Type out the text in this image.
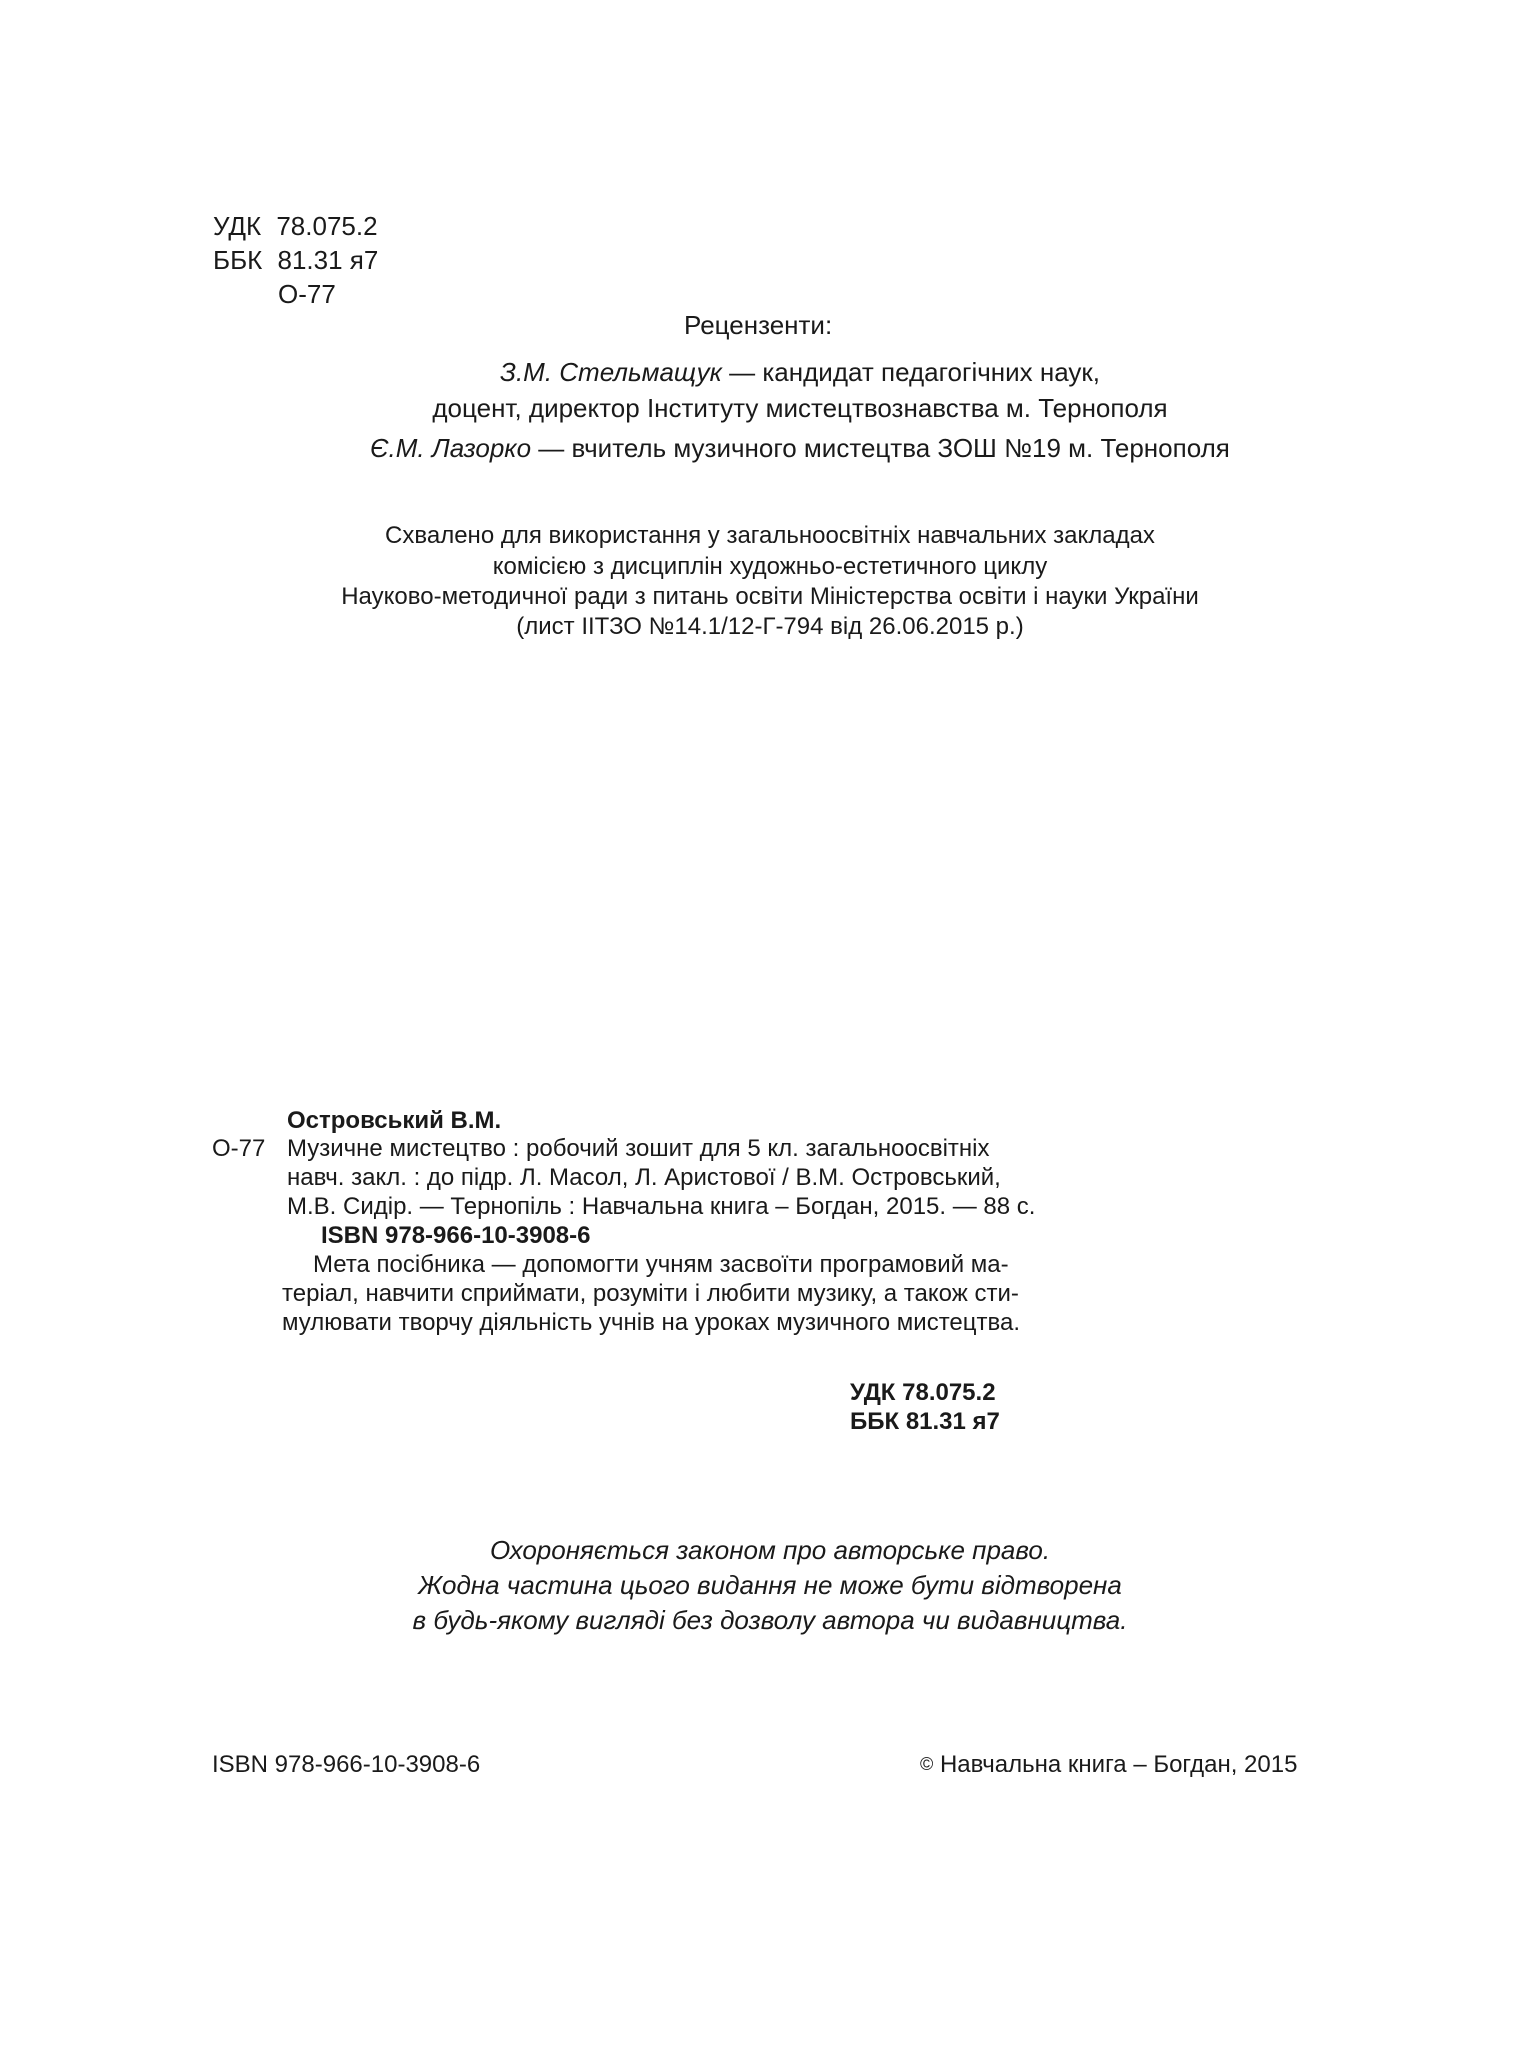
УДК 78.075.2
ББК 81.31 я7
О-77
Рецензенти:
З.М. Стельмащук — кандидат педагогічних наук,
доцент, директор Інституту мистецтвознавства м. Тернополя
Є.М. Лазорко — вчитель музичного мистецтва ЗОШ №19 м. Тернополя
Схвалено для використання у загальноосвітніх навчальних закладах
комісією з дисциплін художньо-естетичного циклу
Науково-методичної ради з питань освіти Міністерства освіти і науки України
(лист ІІТЗО №14.1/12-Г-794 від 26.06.2015 р.)
Островський В.М.
О-77 Музичне мистецтво : робочий зошит для 5 кл. загальноосвітніх
навч. закл. : до підр. Л. Масол, Л. Аристової / В.М. Островський,
М.В. Сидір. — Тернопіль : Навчальна книга – Богдан, 2015. — 88 с.
ISBN 978-966-10-3908-6
Мета посібника — допомогти учням засвоїти програмовий ма-
теріал, навчити сприймати, розуміти і любити музику, а також сти-
мулювати творчу діяльність учнів на уроках музичного мистецтва.
УДК 78.075.2
ББК 81.31 я7
Охороняється законом про авторське право.
Жодна частина цього видання не може бути відтворена
в будь-якому вигляді без дозволу автора чи видавництва.
ISBN 978-966-10-3908-6	© Навчальна книга – Богдан, 2015
